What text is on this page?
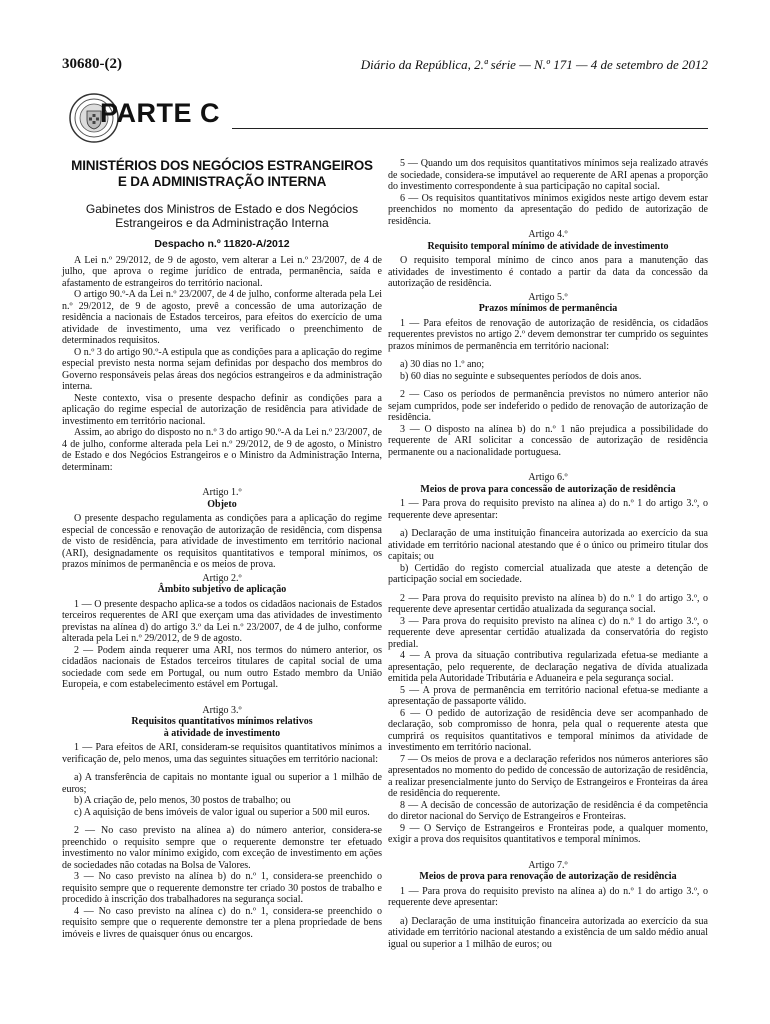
30680-(2)	Diário da República, 2.ª série — N.º 171 — 4 de setembro de 2012
PARTE C
MINISTÉRIOS DOS NEGÓCIOS ESTRANGEIROS
E DA ADMINISTRAÇÃO INTERNA
Gabinetes dos Ministros de Estado e dos Negócios
Estrangeiros e da Administração Interna
Despacho n.º 11820-A/2012

A Lei n.º 29/2012, de 9 de agosto, vem alterar a Lei n.º 23/2007, de 4 de julho, que aprova o regime jurídico de entrada, permanência, saída e afastamento de estrangeiros do território nacional.

O artigo 90.º-A da Lei n.º 23/2007, de 4 de julho, conforme alterada pela Lei n.º 29/2012, de 9 de agosto, prevê a concessão de uma autorização de residência a nacionais de Estados terceiros, para efeitos do exercício de uma atividade de investimento, uma vez verificado o preenchimento de determinados requisitos.

O n.º 3 do artigo 90.º-A estipula que as condições para a aplicação do regime especial previsto nesta norma sejam definidas por despacho dos membros do Governo responsáveis pelas áreas dos negócios estrangeiros e da administração interna.

Neste contexto, visa o presente despacho definir as condições para a aplicação do regime especial de autorização de residência para atividade de investimento em território nacional.

Assim, ao abrigo do disposto no n.º 3 do artigo 90.º-A da Lei n.º 23/2007, de 4 de julho, conforme alterada pela Lei n.º 29/2012, de 9 de agosto, o Ministro de Estado e dos Negócios Estrangeiros e o Ministro da Administração Interna, determinam:

Artigo 1.º
Objeto

O presente despacho regulamenta as condições para a aplicação do regime especial de concessão e renovação de autorização de residência, com dispensa de visto de residência, para atividade de investimento em território nacional (ARI), designadamente os requisitos quantitativos e temporal mínimos, os prazos mínimos de permanência e os meios de prova.

Artigo 2.º
Âmbito subjetivo de aplicação

1 — O presente despacho aplica-se a todos os cidadãos nacionais de Estados terceiros requerentes de ARI que exerçam uma das atividades de investimento previstas na alínea d) do artigo 3.º da Lei n.º 23/2007, de 4 de julho, conforme alterada pela Lei n.º 29/2012, de 9 de agosto.

2 — Podem ainda requerer uma ARI, nos termos do número anterior, os cidadãos nacionais de Estados terceiros titulares de capital social de uma sociedade com sede em Portugal, ou num outro Estado membro da União Europeia, e com estabelecimento estável em Portugal.

Artigo 3.º
Requisitos quantitativos mínimos relativos
à atividade de investimento

1 — Para efeitos de ARI, consideram-se requisitos quantitativos mínimos a verificação de, pelo menos, uma das seguintes situações em território nacional:

a) A transferência de capitais no montante igual ou superior a 1 milhão de euros;

b) A criação de, pelo menos, 30 postos de trabalho; ou

c) A aquisição de bens imóveis de valor igual ou superior a 500 mil euros.

2 — No caso previsto na alínea a) do número anterior, considera-se preenchido o requisito sempre que o requerente demonstre ter efetuado investimento no valor mínimo exigido, com exceção de investimento em ações de sociedades não cotadas na Bolsa de Valores.

3 — No caso previsto na alínea b) do n.º 1, considera-se preenchido o requisito sempre que o requerente demonstre ter criado 30 postos de trabalho e procedido à inscrição dos trabalhadores na segurança social.

4 — No caso previsto na alínea c) do n.º 1, considera-se preenchido o requisito sempre que o requerente demonstre ter a plena propriedade de bens imóveis e livres de quaisquer ónus ou encargos.

5 — Quando um dos requisitos quantitativos mínimos seja realizado através de sociedade, considera-se imputável ao requerente de ARI apenas a proporção do investimento correspondente à sua participação no capital social.

6 — Os requisitos quantitativos mínimos exigidos neste artigo devem estar preenchidos no momento da apresentação do pedido de autorização de residência.

Artigo 4.º
Requisito temporal mínimo de atividade de investimento

O requisito temporal mínimo de cinco anos para a manutenção das atividades de investimento é contado a partir da data da concessão da autorização de residência.

Artigo 5.º
Prazos mínimos de permanência

1 — Para efeitos de renovação de autorização de residência, os cidadãos requerentes previstos no artigo 2.º devem demonstrar ter cumprido os seguintes prazos mínimos de permanência em território nacional:

a) 30 dias no 1.º ano;

b) 60 dias no seguinte e subsequentes períodos de dois anos.

2 — Caso os períodos de permanência previstos no número anterior não sejam cumpridos, pode ser indeferido o pedido de renovação de autorização de residência.

3 — O disposto na alínea b) do n.º 1 não prejudica a possibilidade do requerente de ARI solicitar a concessão de autorização de residência permanente ou a nacionalidade portuguesa.

Artigo 6.º
Meios de prova para concessão de autorização de residência

1 — Para prova do requisito previsto na alínea a) do n.º 1 do artigo 3.º, o requerente deve apresentar:

a) Declaração de uma instituição financeira autorizada ao exercício da sua atividade em território nacional atestando que é o único ou primeiro titular dos capitais; ou

b) Certidão do registo comercial atualizada que ateste a detenção de participação social em sociedade.

2 — Para prova do requisito previsto na alínea b) do n.º 1 do artigo 3.º, o requerente deve apresentar certidão atualizada da segurança social.

3 — Para prova do requisito previsto na alínea c) do n.º 1 do artigo 3.º, o requerente deve apresentar certidão atualizada da conservatória do registo predial.

4 — A prova da situação contributiva regularizada efetua-se mediante a apresentação, pelo requerente, de declaração negativa de dívida atualizada emitida pela Autoridade Tributária e Aduaneira e pela segurança social.

5 — A prova de permanência em território nacional efetua-se mediante a apresentação de passaporte válido.

6 — O pedido de autorização de residência deve ser acompanhado de declaração, sob compromisso de honra, pela qual o requerente atesta que cumprirá os requisitos quantitativos e temporal mínimos da atividade de investimento em território nacional.

7 — Os meios de prova e a declaração referidos nos números anteriores são apresentados no momento do pedido de concessão de autorização de residência, a realizar presencialmente junto do Serviço de Estrangeiros e Fronteiras da área de residência do requerente.

8 — A decisão de concessão de autorização de residência é da competência do diretor nacional do Serviço de Estrangeiros e Fronteiras.

9 — O Serviço de Estrangeiros e Fronteiras pode, a qualquer momento, exigir a prova dos requisitos quantitativos e temporal mínimos.

Artigo 7.º
Meios de prova para renovação de autorização de residência

1 — Para prova do requisito previsto na alínea a) do n.º 1 do artigo 3.º, o requerente deve apresentar:

a) Declaração de uma instituição financeira autorizada ao exercício da sua atividade em território nacional atestando a existência de um saldo médio anual igual ou superior a 1 milhão de euros; ou
